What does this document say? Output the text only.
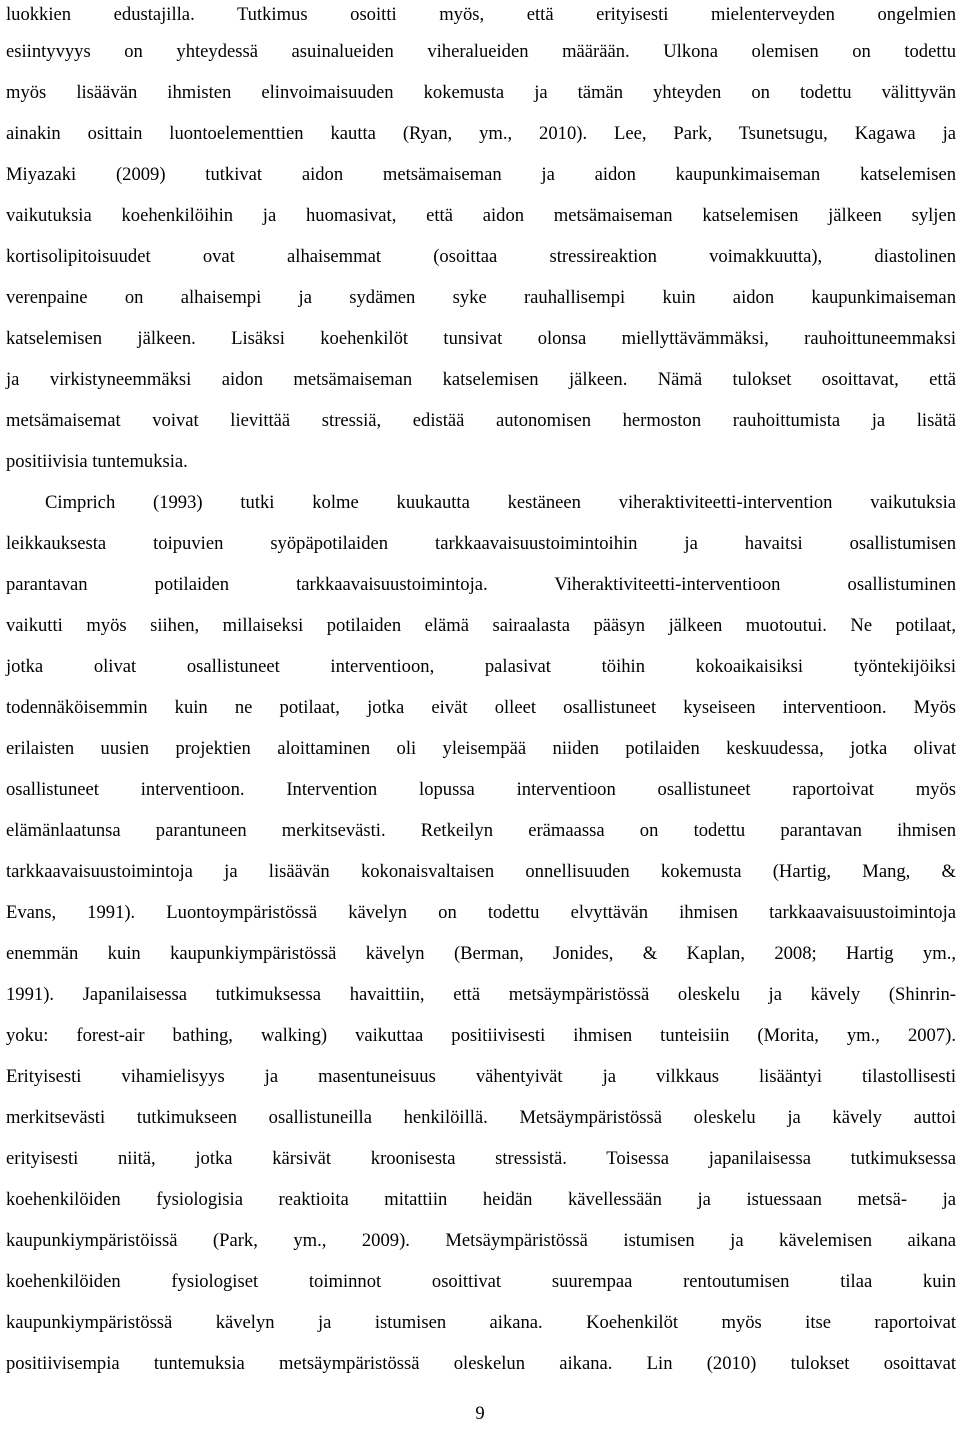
luokkien edustajilla. Tutkimus osoitti myös, että erityisesti mielenterveyden ongelmien
esiintyvyys on yhteydessä asuinalueiden viheralueiden määrään. Ulkona olemisen on todettu
myös lisäävän ihmisten elinvoimaisuuden kokemusta ja tämän yhteyden on todettu välittyvän
ainakin osittain luontoelementtien kautta (Ryan, ym., 2010). Lee, Park, Tsunetsugu, Kagawa ja
Miyazaki (2009) tutkivat aidon metsämaiseman ja aidon kaupunkimaiseman katselemisen
vaikutuksia koehenkilöihin ja huomasivat, että aidon metsämaiseman katselemisen jälkeen syljen
kortisolipitoisuudet ovat alhaisemmat (osoittaa stressireaktion voimakkuutta), diastolinen
verenpaine on alhaisempi ja sydämen syke rauhallisempi kuin aidon kaupunkimaiseman
katselemisen jälkeen. Lisäksi koehenkilöt tunsivat olonsa miellyttävämmäksi, rauhoittuneemmaksi
ja virkistyneemmäksi aidon metsämaiseman katselemisen jälkeen. Nämä tulokset osoittavat, että
metsämaisemat voivat lievittää stressiä, edistää autonomisen hermoston rauhoittumista ja lisätä
positiivisia tuntemuksia.
Cimprich (1993) tutki kolme kuukautta kestäneen viheraktiviteetti-intervention vaikutuksia
leikkauksesta toipuvien syöpäpotilaiden tarkkaavaisuustoimintoihin ja havaitsi osallistumisen
parantavan potilaiden tarkkaavaisuustoimintoja. Viheraktiviteetti-interventioon osallistuminen
vaikutti myös siihen, millaiseksi potilaiden elämä sairaalasta pääsyn jälkeen muotoutui. Ne potilaat,
jotka olivat osallistuneet interventioon, palasivat töihin kokoaikaisiksi työntekijöiksi
todennäköisemmin kuin ne potilaat, jotka eivät olleet osallistuneet kyseiseen interventioon. Myös
erilaisten uusien projektien aloittaminen oli yleisempää niiden potilaiden keskuudessa, jotka olivat
osallistuneet interventioon. Intervention lopussa interventioon osallistuneet raportoivat myös
elämänlaatunsa parantuneen merkitsevästi. Retkeilyn erämaassa on todettu parantavan ihmisen
tarkkaavaisuustoimintoja ja lisäävän kokonaisvaltaisen onnellisuuden kokemusta (Hartig, Mang, &
Evans, 1991). Luontoympäristössä kävelyn on todettu elvyttävän ihmisen tarkkaavaisuustoimintoja
enemmän kuin kaupunkiympäristössä kävelyn (Berman, Jonides, & Kaplan, 2008; Hartig ym.,
1991). Japanilaisessa tutkimuksessa havaittiin, että metsäympäristössä oleskelu ja kävely (Shinrin-
yoku: forest-air bathing, walking) vaikuttaa positiivisesti ihmisen tunteisiin (Morita, ym., 2007).
Erityisesti vihamielisyys ja masentuneisuus vähentyivät ja vilkkaus lisääntyi tilastollisesti
merkitsevästi tutkimukseen osallistuneilla henkilöillä. Metsäympäristössä oleskelu ja kävely auttoi
erityisesti niitä, jotka kärsivät kroonisesta stressistä. Toisessa japanilaisessa tutkimuksessa
koehenkilöiden fysiologisia reaktioita mitattiin heidän kävellessään ja istuessaan metsä- ja
kaupunkiympäristöissä (Park, ym., 2009). Metsäympäristössä istumisen ja kävelemisen aikana
koehenkilöiden fysiologiset toiminnot osoittivat suurempaa rentoutumisen tilaa kuin
kaupunkiympäristössä kävelyn ja istumisen aikana. Koehenkilöt myös itse raportoivat
positiivisempia tuntemuksia metsäympäristössä oleskelun aikana. Lin (2010) tulokset osoittavat
9
